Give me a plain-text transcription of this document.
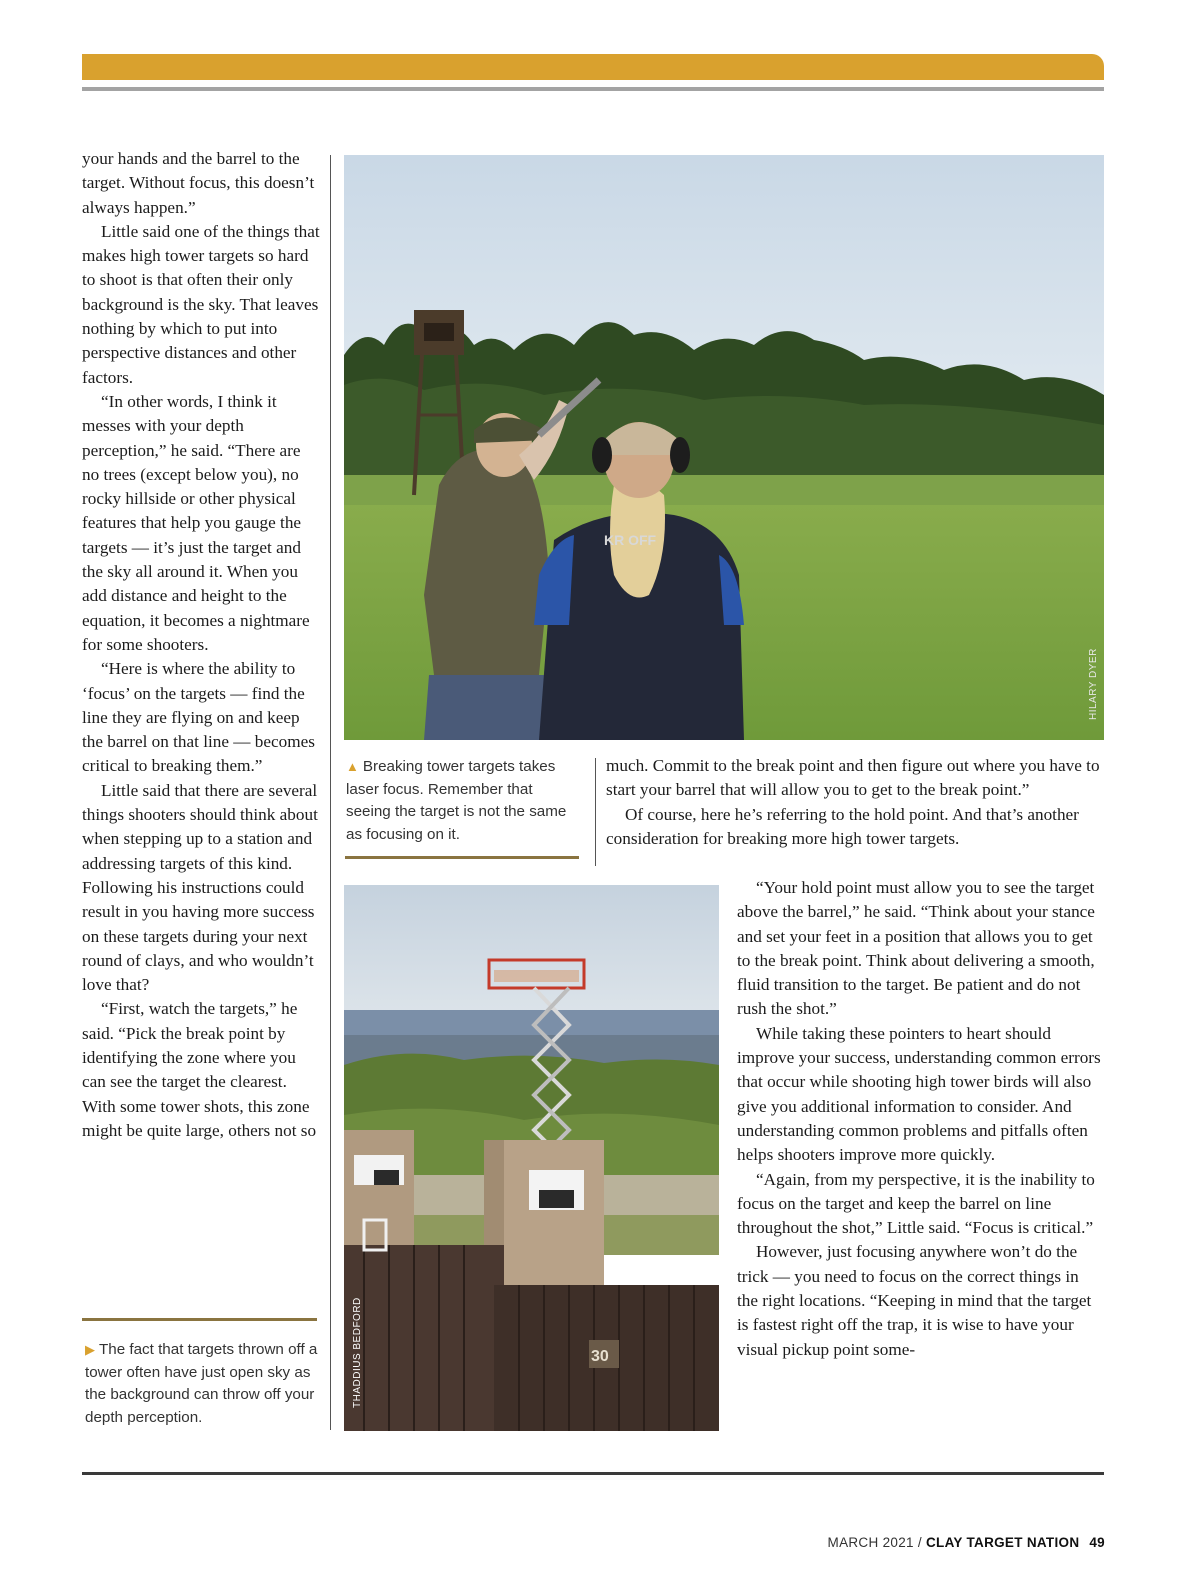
your hands and the barrel to the target. Without focus, this doesn’t always happen.”

Little said one of the things that makes high tower targets so hard to shoot is that often their only background is the sky. That leaves nothing by which to put into perspective distances and other factors.

“In other words, I think it messes with your depth perception,” he said. “There are no trees (except below you), no rocky hillside or other physical features that help you gauge the targets — it’s just the target and the sky all around it. When you add distance and height to the equation, it becomes a nightmare for some shooters.

“Here is where the ability to ‘focus’ on the targets — find the line they are flying on and keep the barrel on that line — becomes critical to breaking them.”

Little said that there are several things shooters should think about when stepping up to a station and addressing targets of this kind. Following his instructions could result in you having more success on these targets during your next round of clays, and who wouldn’t love that?

“First, watch the targets,” he said. “Pick the break point by identifying the zone where you can see the target the clearest. With some tower shots, this zone might be quite large, others not so

▶ The fact that targets thrown off a tower often have just open sky as the background can throw off your depth perception.
KR OFF
HILARY DYER
▲ Breaking tower targets takes laser focus. Remember that seeing the target is not the same as focusing on it.

much. Commit to the break point and then figure out where you have to start your barrel that will allow you to get to the break point.”

Of course, here he’s referring to the hold point. And that’s another consideration for breaking more high tower targets.

30
THADDIUS BEDFORD

“Your hold point must allow you to see the target above the barrel,” he said. “Think about your stance and set your feet in a position that allows you to get to the break point. Think about delivering a smooth, fluid transition to the target. Be patient and do not rush the shot.”

While taking these pointers to heart should improve your success, understanding common errors that occur while shooting high tower birds will also give you additional information to consider. And understanding common problems and pitfalls often helps shooters improve more quickly.

“Again, from my perspective, it is the inability to focus on the target and keep the barrel on line throughout the shot,” Little said. “Focus is critical.”

However, just focusing anywhere won’t do the trick — you need to focus on the correct things in the right locations. “Keeping in mind that the target is fastest right off the trap, it is wise to have your visual pickup point some-

MARCH 2021 / CLAY TARGET NATION 49
